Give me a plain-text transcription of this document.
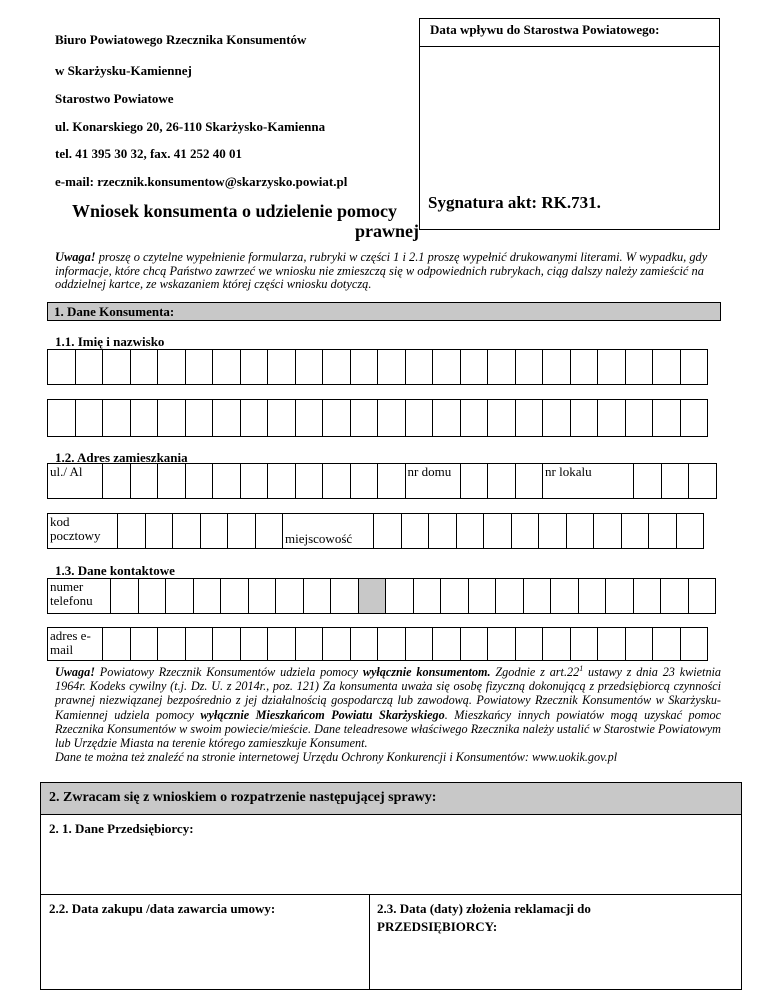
Biuro Powiatowego Rzecznika Konsumentów
w Skarżysku-Kamiennej
Starostwo Powiatowe
ul. Konarskiego 20, 26-110 Skarżysko-Kamienna
tel. 41 395 30 32, fax. 41 252 40 01
e-mail: rzecznik.konsumentow@skarzysko.powiat.pl
Wniosek konsumenta o udzielenie pomocy
prawnej
Data wpływu do Starostwa Powiatowego:
Sygnatura akt: RK.731.
Uwaga! proszę o czytelne wypełnienie formularza, rubryki w części 1 i 2.1 proszę wypełnić drukowanymi literami. W wypadku, gdy informacje, które chcą Państwo zawrzeć we wniosku nie zmieszczą się w odpowiednich rubrykach, ciąg dalszy należy zamieścić na oddzielnej kartce, ze wskazaniem której części wniosku dotyczą.
1. Dane Konsumenta:
1.1. Imię i nazwisko
1.2. Adres zamieszkania
ul./ Al	nr domu	nr lokalu
kod pocztowy	miejscowość
1.3. Dane kontaktowe
numer telefonu
adres e-mail
Uwaga! Powiatowy Rzecznik Konsumentów udziela pomocy wyłącznie konsumentom. Zgodnie z $art.22^1$ ustawy z dnia 23 kwietnia 1964r. Kodeks cywilny (t.j. Dz. U. z 2014r., poz. 121) Za konsumenta uważa się osobę fizyczną dokonującą z przedsiębiorcą czynności prawnej niezwiązanej bezpośrednio z jej działalnością gospodarczą lub zawodową. Powiatowy Rzecznik Konsumentów w Skarżysku-Kamiennej udziela pomocy wyłącznie Mieszkańcom Powiatu Skarżyskiego. Mieszkańcy innych powiatów mogą uzyskać pomoc Rzecznika Konsumentów w swoim powiecie/mieście. Dane teleadresowe właściwego Rzecznika należy ustalić w Starostwie Powiatowym lub Urzędzie Miasta na terenie którego zamieszkuje Konsument.
Dane te można też znaleźć na stronie internetowej Urzędu Ochrony Konkurencji i Konsumentów: www.uokik.gov.pl
2. Zwracam się z wnioskiem o rozpatrzenie następującej sprawy:
2. 1. Dane Przedsiębiorcy:
2.2. Data zakupu /data zawarcia umowy:	2.3. Data (daty) złożenia reklamacji do
PRZEDSIĘBIORCY:
